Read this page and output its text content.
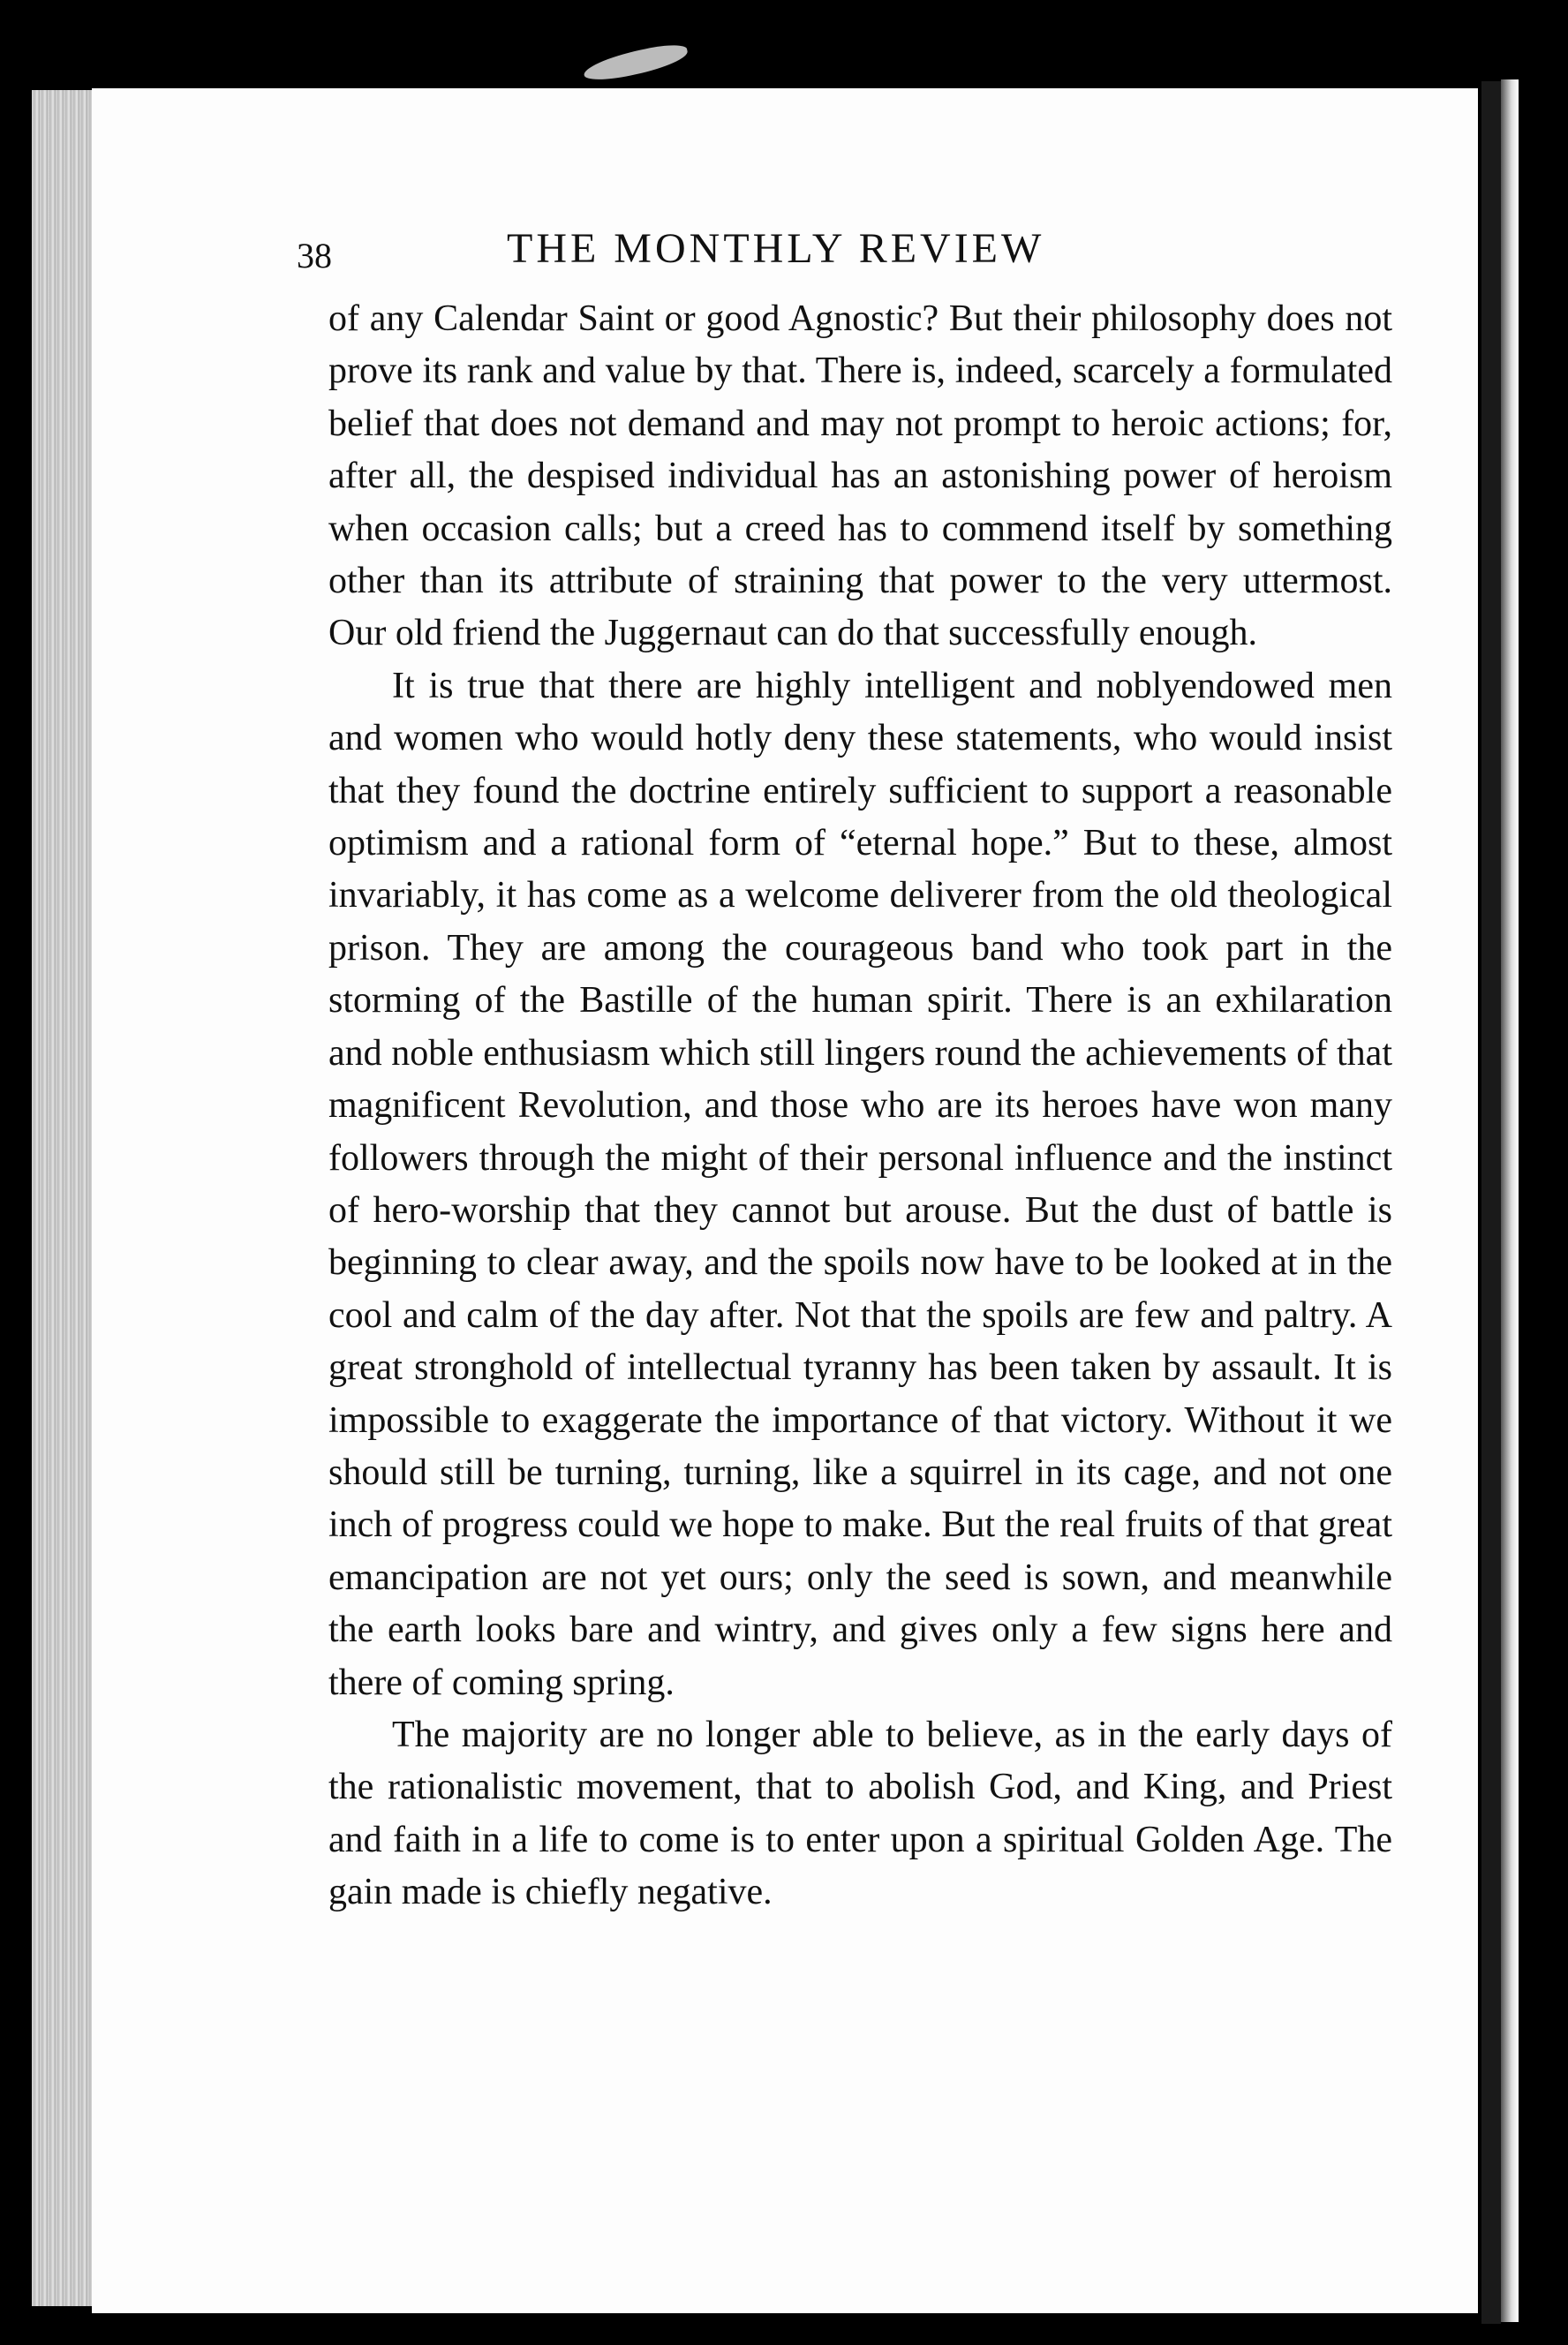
38	THE MONTHLY REVIEW

of any Calendar Saint or good Agnostic? But their philosophy does not prove its rank and value by that. There is, indeed, scarcely a formulated belief that does not demand and may not prompt to heroic actions; for, after all, the despised individual has an astonishing power of heroism when occasion calls; but a creed has to commend itself by something other than its attribute of straining that power to the very uttermost. Our old friend the Juggernaut can do that successfully enough.

It is true that there are highly intelligent and noblyendowed men and women who would hotly deny these statements, who would insist that they found the doctrine entirely sufficient to support a reasonable optimism and a rational form of “eternal hope.” But to these, almost invariably, it has come as a welcome deliverer from the old theological prison. They are among the courageous band who took part in the storming of the Bastille of the human spirit. There is an exhilaration and noble enthusiasm which still lingers round the achievements of that magnificent Revolution, and those who are its heroes have won many followers through the might of their personal influence and the instinct of hero-worship that they cannot but arouse. But the dust of battle is beginning to clear away, and the spoils now have to be looked at in the cool and calm of the day after. Not that the spoils are few and paltry. A great stronghold of intellectual tyranny has been taken by assault. It is impossible to exaggerate the importance of that victory. Without it we should still be turning, turning, like a squirrel in its cage, and not one inch of progress could we hope to make. But the real fruits of that great emancipation are not yet ours; only the seed is sown, and meanwhile the earth looks bare and wintry, and gives only a few signs here and there of coming spring.

The majority are no longer able to believe, as in the early days of the rationalistic movement, that to abolish God, and King, and Priest and faith in a life to come is to enter upon a spiritual Golden Age. The gain made is chiefly negative.
